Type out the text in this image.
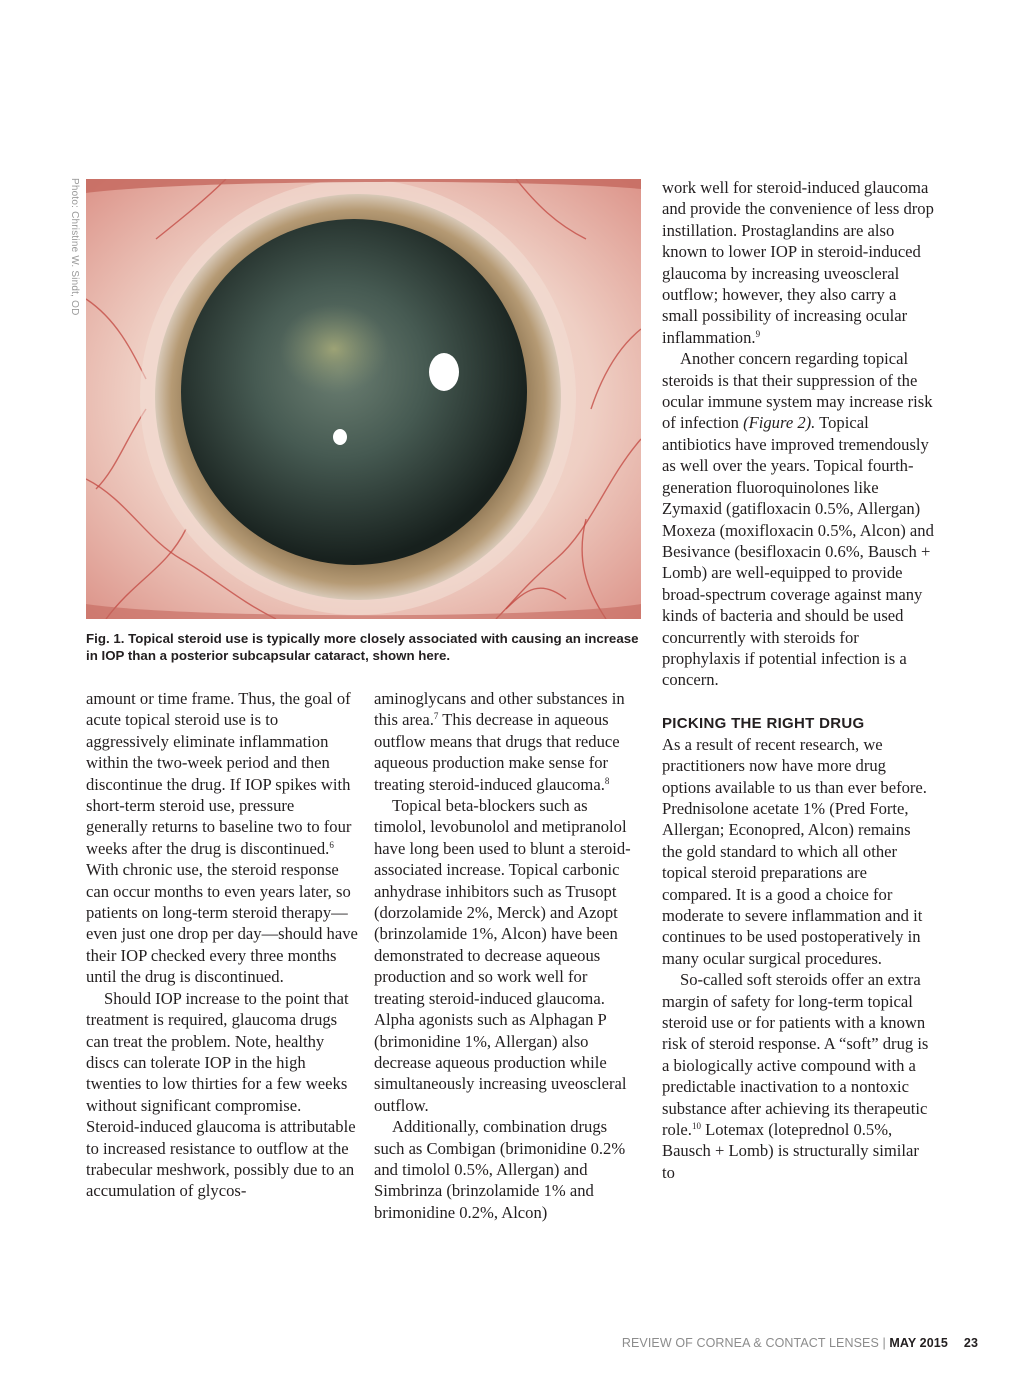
Photo: Christine W. Sindt, OD
Fig. 1. Topical steroid use is typically more closely associated with causing an increase in IOP than a posterior subcapsular cataract, shown here.

amount or time frame. Thus, the goal of acute topical steroid use is to aggressively eliminate inflammation within the two-week period and then discontinue the drug. If IOP spikes with short-term steroid use, pressure generally returns to baseline two to four weeks after the drug is discontinued.$^6$ With chronic use, the steroid response can occur months to even years later, so patients on long-term steroid therapy—even just one drop per day—should have their IOP checked every three months until the drug is discontinued.

Should IOP increase to the point that treatment is required, glaucoma drugs can treat the problem. Note, healthy discs can tolerate IOP in the high twenties to low thirties for a few weeks without significant compromise. Steroid-induced glaucoma is attributable to increased resistance to outflow at the trabecular meshwork, possibly due to an accumulation of glycos-

aminoglycans and other substances in this area.$^7$ This decrease in aqueous outflow means that drugs that reduce aqueous production make sense for treating steroid-induced glaucoma.$^8$

Topical beta-blockers such as timolol, levobunolol and metipranolol have long been used to blunt a steroid-associated increase. Topical carbonic anhydrase inhibitors such as Trusopt (dorzolamide 2%, Merck) and Azopt (brinzolamide 1%, Alcon) have been demonstrated to decrease aqueous production and so work well for treating steroid-induced glaucoma. Alpha agonists such as Alphagan P (brimonidine 1%, Allergan) also decrease aqueous production while simultaneously increasing uveoscleral outflow.

Additionally, combination drugs such as Combigan (brimonidine 0.2% and timolol 0.5%, Allergan) and Simbrinza (brinzolamide 1% and brimonidine 0.2%, Alcon)

work well for steroid-induced glaucoma and provide the convenience of less drop instillation. Prostaglandins are also known to lower IOP in steroid-induced glaucoma by increasing uveoscleral outflow; however, they also carry a small possibility of increasing ocular inflammation.$^9$

Another concern regarding topical steroids is that their suppression of the ocular immune system may increase risk of infection (Figure 2). Topical antibiotics have improved tremendously as well over the years. Topical fourth-generation fluoroquinolones like Zymaxid (gatifloxacin 0.5%, Allergan) Moxeza (moxifloxacin 0.5%, Alcon) and Besivance (besifloxacin 0.6%, Bausch + Lomb) are well-equipped to provide broad-spectrum coverage against many kinds of bacteria and should be used concurrently with steroids for prophylaxis if potential infection is a concern.

PICKING THE RIGHT DRUG

As a result of recent research, we practitioners now have more drug options available to us than ever before. Prednisolone acetate 1% (Pred Forte, Allergan; Econopred, Alcon) remains the gold standard to which all other topical steroid preparations are compared. It is a good a choice for moderate to severe inflammation and it continues to be used postoperatively in many ocular surgical procedures.

So-called soft steroids offer an extra margin of safety for long-term topical steroid use or for patients with a known risk of steroid response. A “soft” drug is a biologically active compound with a predictable inactivation to a nontoxic substance after achieving its therapeutic role.$^{10}$ Lotemax (loteprednol 0.5%, Bausch + Lomb) is structurally similar to

REVIEW OF CORNEA & CONTACT LENSES | MAY 2015 23
